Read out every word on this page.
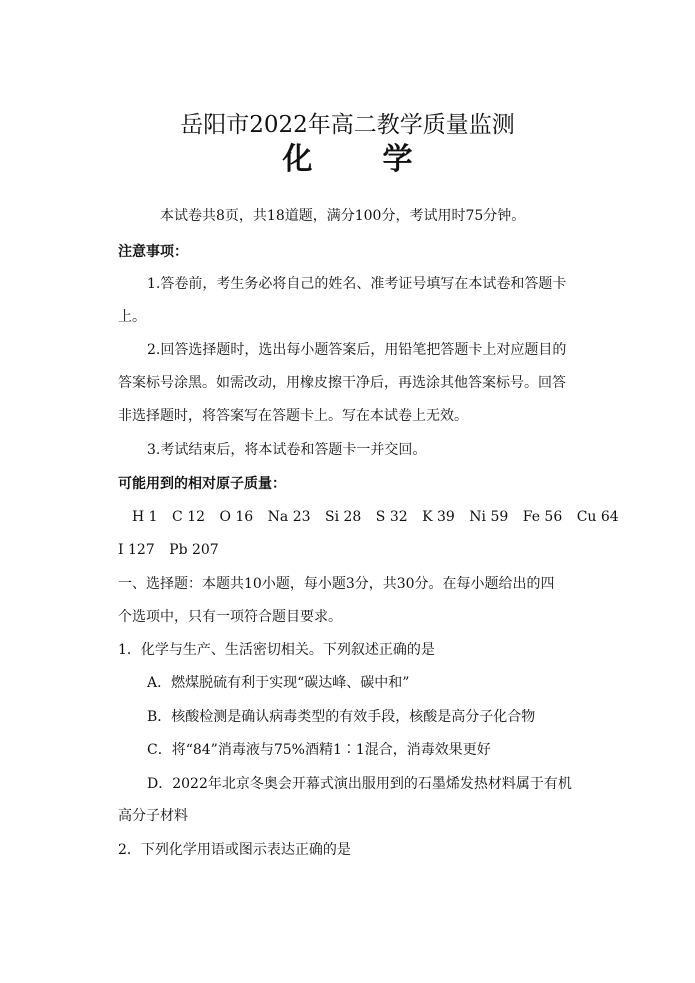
岳阳市2022年高二教学质量监测
化 学
本试卷共8页，共18道题，满分100分，考试用时75分钟。
注意事项：
1.答卷前，考生务必将自己的姓名、准考证号填写在本试卷和答题卡
上。
2.回答选择题时，选出每小题答案后，用铅笔把答题卡上对应题目的
答案标号涂黑。如需改动，用橡皮擦干净后，再选涂其他答案标号。回答
非选择题时，将答案写在答题卡上。写在本试卷上无效。
3.考试结束后，将本试卷和答题卡一并交回。
可能用到的相对原子质量：
H 1 C 12 O 16 Na 23 Si 28 S 32 K 39 Ni 59 Fe 56 Cu 64
I 127 Pb 207
一、选择题：本题共10小题，每小题3分，共30分。在每小题给出的四
个选项中，只有一项符合题目要求。
1．化学与生产、生活密切相关。下列叙述正确的是
A．燃煤脱硫有利于实现“碳达峰、碳中和”
B．核酸检测是确认病毒类型的有效手段，核酸是高分子化合物
C．将“84”消毒液与75%酒精1∶1混合，消毒效果更好
D．2022年北京冬奥会开幕式演出服用到的石墨烯发热材料属于有机
高分子材料
2．下列化学用语或图示表达正确的是
